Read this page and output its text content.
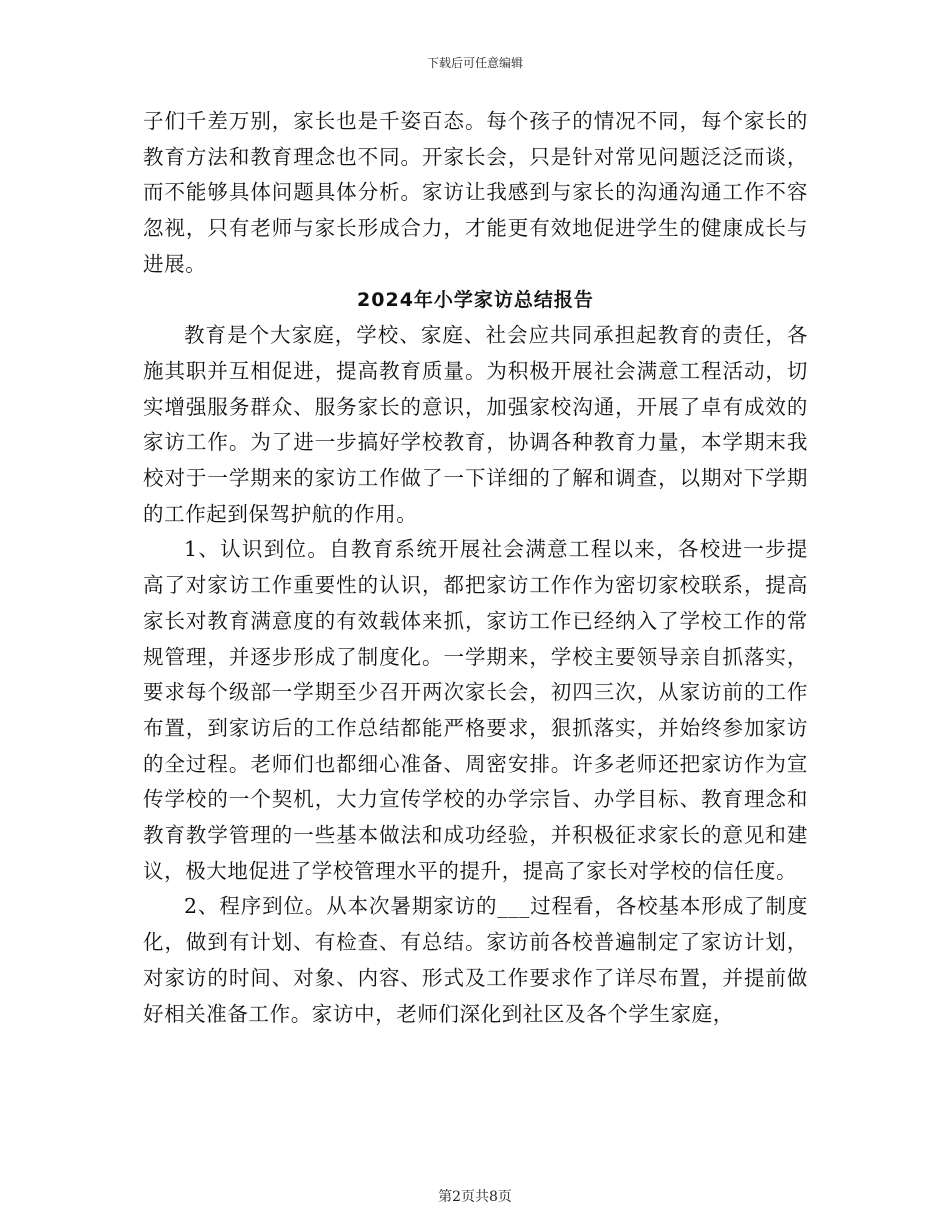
下载后可任意编辑

子们千差万别，家长也是千姿百态。每个孩子的情况不同，每个家长的教育方法和教育理念也不同。开家长会，只是针对常见问题泛泛而谈，而不能够具体问题具体分析。家访让我感到与家长的沟通沟通工作不容忽视，只有老师与家长形成合力，才能更有效地促进学生的健康成长与进展。

2024年小学家访总结报告

教育是个大家庭，学校、家庭、社会应共同承担起教育的责任，各施其职并互相促进，提高教育质量。为积极开展社会满意工程活动，切实增强服务群众、服务家长的意识，加强家校沟通，开展了卓有成效的家访工作。为了进一步搞好学校教育，协调各种教育力量，本学期末我校对于一学期来的家访工作做了一下详细的了解和调查，以期对下学期的工作起到保驾护航的作用。

1、认识到位。自教育系统开展社会满意工程以来，各校进一步提高了对家访工作重要性的认识，都把家访工作作为密切家校联系，提高家长对教育满意度的有效载体来抓，家访工作已经纳入了学校工作的常规管理，并逐步形成了制度化。一学期来，学校主要领导亲自抓落实，要求每个级部一学期至少召开两次家长会，初四三次，从家访前的工作布置，到家访后的工作总结都能严格要求，狠抓落实，并始终参加家访的全过程。老师们也都细心准备、周密安排。许多老师还把家访作为宣传学校的一个契机，大力宣传学校的办学宗旨、办学目标、教育理念和教育教学管理的一些基本做法和成功经验，并积极征求家长的意见和建议，极大地促进了学校管理水平的提升，提高了家长对学校的信任度。

2、程序到位。从本次暑期家访的___过程看，各校基本形成了制度化，做到有计划、有检查、有总结。家访前各校普遍制定了家访计划，对家访的时间、对象、内容、形式及工作要求作了详尽布置，并提前做好相关准备工作。家访中，老师们深化到社区及各个学生家庭，

第2页共8页
